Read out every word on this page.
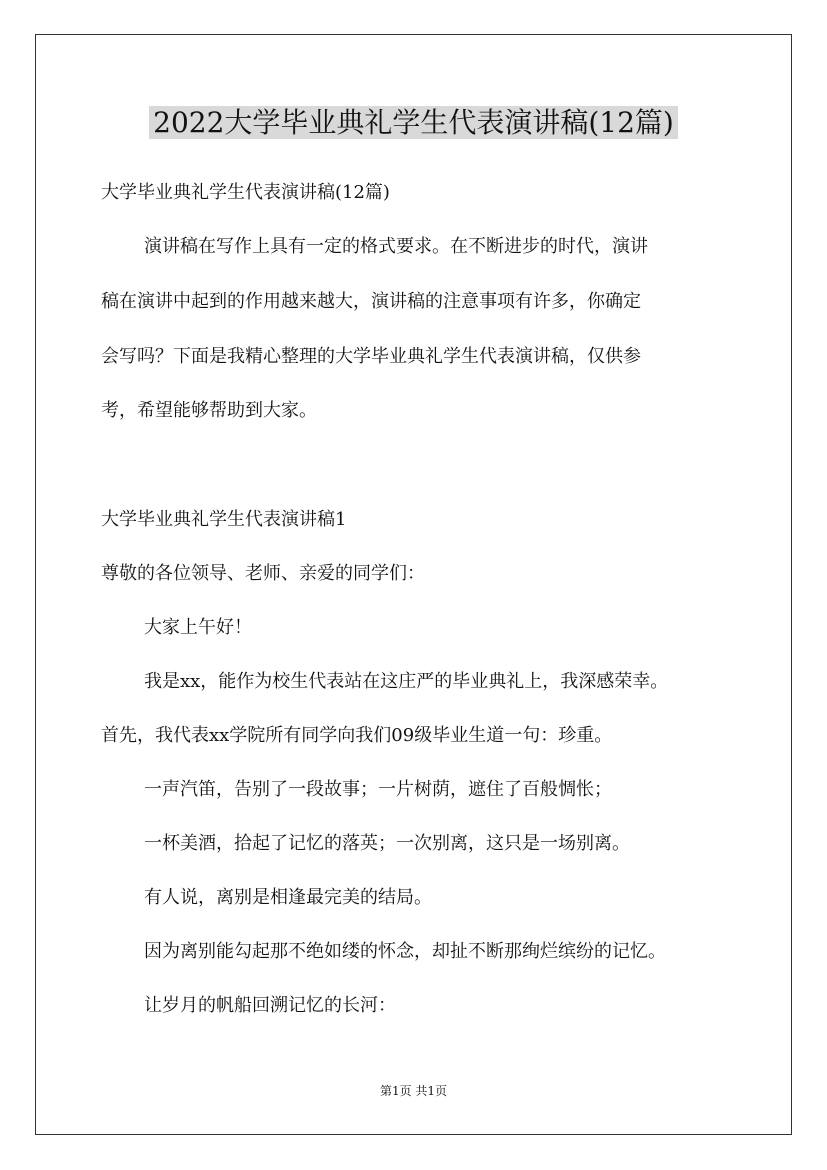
2022大学毕业典礼学生代表演讲稿(12篇)
大学毕业典礼学生代表演讲稿(12篇)
演讲稿在写作上具有一定的格式要求。在不断进步的时代，演讲
稿在演讲中起到的作用越来越大，演讲稿的注意事项有许多，你确定
会写吗？下面是我精心整理的大学毕业典礼学生代表演讲稿，仅供参
考，希望能够帮助到大家。
大学毕业典礼学生代表演讲稿1
尊敬的各位领导、老师、亲爱的同学们：
大家上午好！
我是xx，能作为校生代表站在这庄严的毕业典礼上，我深感荣幸。
首先，我代表xx学院所有同学向我们09级毕业生道一句：珍重。
一声汽笛，告别了一段故事；一片树荫，遮住了百般惆怅；
一杯美酒，拾起了记忆的落英；一次别离，这只是一场别离。
有人说，离别是相逢最完美的结局。
因为离别能勾起那不绝如缕的怀念，却扯不断那绚烂缤纷的记忆。
让岁月的帆船回溯记忆的长河：
第1页 共1页
